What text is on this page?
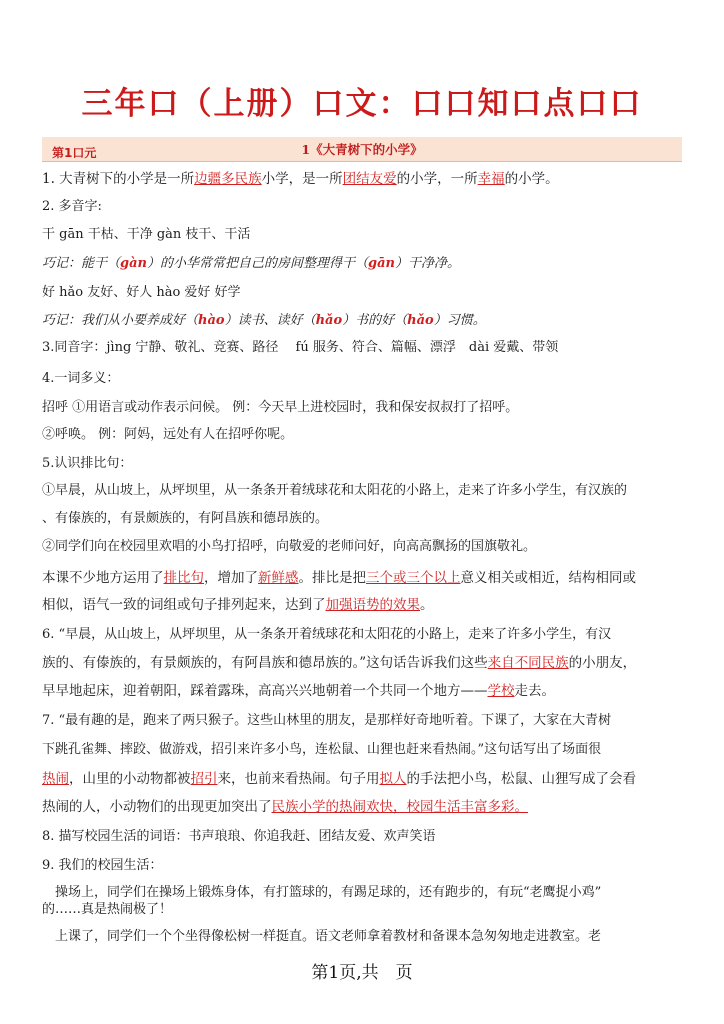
三年口（上册）口文：口口知口点口口
第1口元	1《大青树下的小学》
1. 大青树下的小学是一所边疆多民族小学，是一所团结友爱的小学，一所幸福的小学。
2. 多音字:
干 gān 干枯、干净 gàn 枝干、干活
巧记：能干（gàn）的小华常常把自己的房间整理得干（gān）干净净。
好 hǎo 友好、好人 hào 爱好 好学
巧记：我们从小要养成好（hào）读书、读好（hǎo）书的好（hǎo）习惯。
3.同音字：jìng 宁静、敬礼、竞赛、路径　 fú 服务、符合、篇幅、漂浮　dài 爱戴、带领
4.一词多义：
招呼 ①用语言或动作表示问候。 例：今天早上进校园时，我和保安叔叔打了招呼。
②呼唤。 例：阿妈，远处有人在招呼你呢。
5.认识排比句：
①早晨，从山坡上，从坪坝里，从一条条开着绒球花和太阳花的小路上，走来了许多小学生，有汉族的
、有傣族的，有景颇族的，有阿昌族和德昂族的。
②同学们向在校园里欢唱的小鸟打招呼，向敬爱的老师问好，向高高飘扬的国旗敬礼。
本课不少地方运用了排比句，增加了新鲜感。排比是把三个或三个以上意义相关或相近，结构相同或
相似，语气一致的词组或句子排列起来，达到了加强语势的效果。
6. “早晨，从山坡上，从坪坝里，从一条条开着绒球花和太阳花的小路上，走来了许多小学生，有汉
族的、有傣族的，有景颇族的，有阿昌族和德昂族的。”这句话告诉我们这些来自不同民族的小朋友，
早早地起床，迎着朝阳，踩着露珠，高高兴兴地朝着一个共同一个地方——学校走去。
7. “最有趣的是，跑来了两只猴子。这些山林里的朋友，是那样好奇地听着。下课了，大家在大青树
下跳孔雀舞、摔跤、做游戏，招引来许多小鸟，连松鼠、山狸也赶来看热闹。”这句话写出了场面很
热闹，山里的小动物都被招引来，也前来看热闹。句子用拟人的手法把小鸟，松鼠、山狸写成了会看
热闹的人，小动物们的出现更加突出了民族小学的热闹欢快，校园生活丰富多彩。
8. 描写校园生活的词语：书声琅琅、你追我赶、团结友爱、欢声笑语
9. 我们的校园生活：
　操场上，同学们在操场上锻炼身体，有打篮球的，有踢足球的，还有跑步的，有玩“老鹰捉小鸡”
的……真是热闹极了！
　上课了，同学们一个个坐得像松树一样挺直。语文老师拿着教材和备课本急匆匆地走进教室。老
第1页,共　页
